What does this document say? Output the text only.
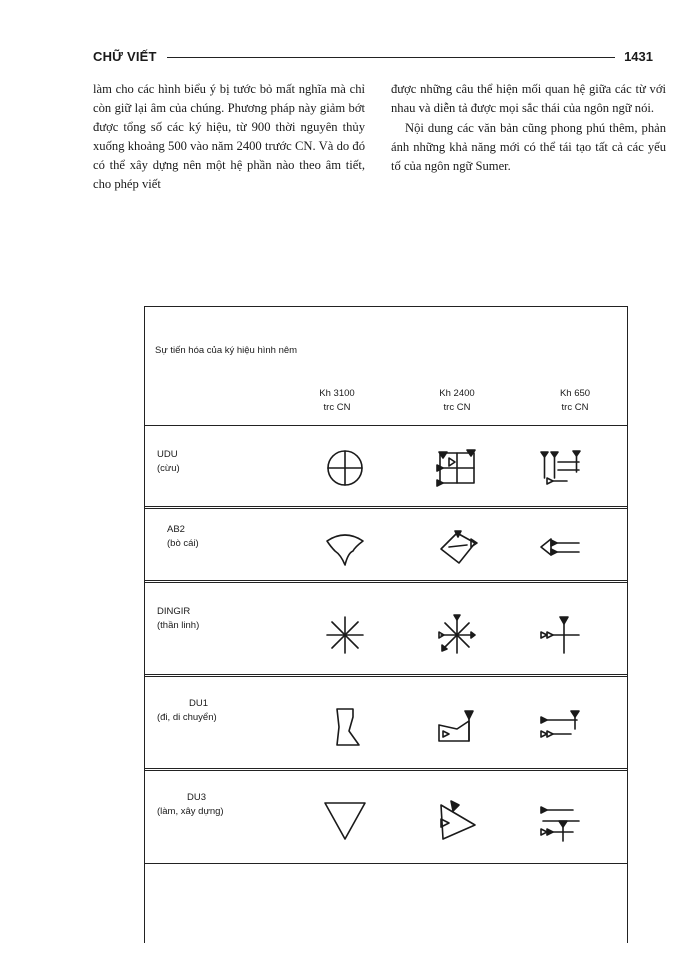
CHỮ VIẾT	1431

làm cho các hình biểu ý bị tước bỏ mất nghĩa mà chỉ còn giữ lại âm của chúng. Phương pháp này giảm bớt được tổng số các ký hiệu, từ 900 thời nguyên thủy xuống khoảng 500 vào năm 2400 trước CN. Và do đó có thể xây dựng nên một hệ phần nào theo âm tiết, cho phép viết

được những câu thể hiện mối quan hệ giữa các từ với nhau và diễn tả được mọi sắc thái của ngôn ngữ nói.

Nội dung các văn bản cũng phong phú thêm, phản ánh những khả năng mới có thể tái tạo tất cả các yếu tố của ngôn ngữ Sumer.

Sự tiến hóa của ký hiệu hình nêm
Kh 3100
trc CN
Kh 2400
trc CN
Kh 650
trc CN
UDU
(cừu)
AB2
(bò cái)
DINGIR
(thần linh)
DU1
(đi, di chuyển)
DU3
(làm, xây dựng)
